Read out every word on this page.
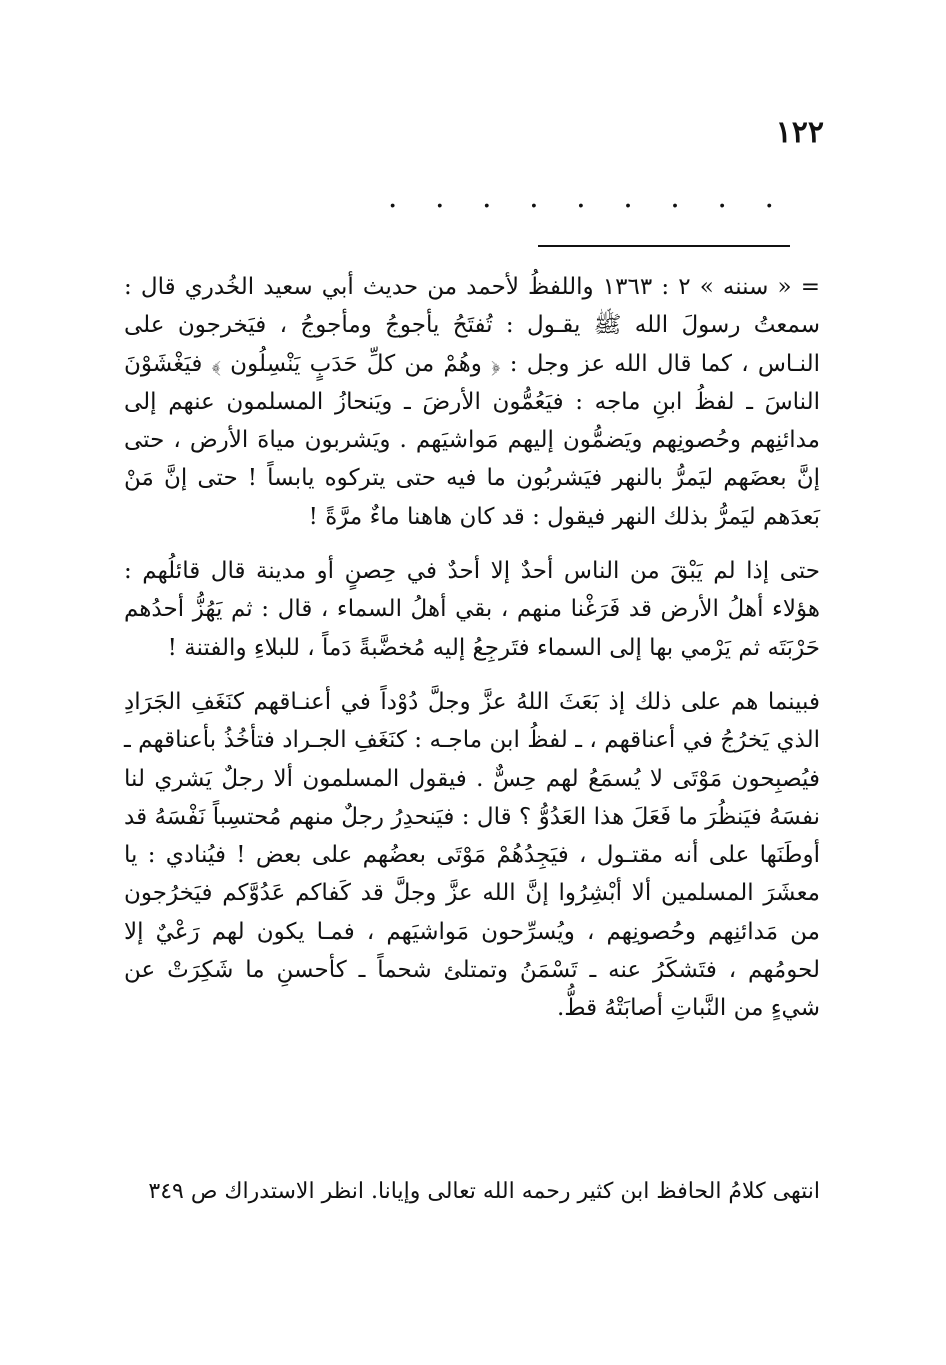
١٢٢
. . . . . . . . .

= « سننه » ٢ : ١٣٦٣ واللفظُ لأحمد من حديث أبي سعيد الخُدري قال : سمعتُ رسولَ الله ﷺ يقـول : تُفتَحُ يأجوجُ ومأجوجُ ، فيَخرجون على النـاس ، كما قال الله عز وجل : ﴿ وهُمْ من كلِّ حَدَبٍ يَنْسِلُون ﴾ فيَغْشَوْنَ الناسَ ـ لفظُ ابنِ ماجه : فيَعُمُّون الأرضَ ـ ويَنحازُ المسلمون عنهم إلى مدائنِهم وحُصونِهم ويَضمُّون إليهم مَواشيَهم . ويَشربون مياهَ الأرض ، حتى إنَّ بعضَهم ليَمرُّ بالنهر فيَشربُون ما فيه حتى يتركوه يابساً ! حتى إنَّ مَنْ بَعدَهم ليَمرُّ بذلك النهر فيقول : قد كان هاهنا ماءٌ مرَّةً !

حتى إذا لم يَبْقَ من الناس أحدٌ إلا أحدٌ في حِصنٍ أو مدينة قال قائلُهم : هؤلاء أهلُ الأرض قد فَرَغْنا منهم ، بقي أهلُ السماء ، قال : ثم يَهُزُّ أحدُهم حَرْبَتَه ثم يَرْمي بها إلى السماء فتَرجِعُ إليه مُخضَّبةً دَماً ، للبلاءِ والفتنة !

فبينما هم على ذلك إذ بَعَثَ اللهُ عزَّ وجلَّ دُوْداً في أعنـاقهم كنَغَفِ الجَرَادِ الذي يَخرُجُ في أعناقهم ، ـ لفظُ ابن ماجـه : كنَغَفِ الجـراد فتأخُذُ بأعناقهم ـ فيُصبِحون مَوْتَى لا يُسمَعُ لهم حِسٌّ . فيقول المسلمون ألا رجلٌ يَشري لنا نفسَهُ فيَنظُرَ ما فَعَلَ هذا العَدُوُّ ؟ قال : فيَنحدِرُ رجلٌ منهم مُحتسِباً نَفْسَهُ قد أوطَنَها على أنه مقتـول ، فيَجِدُهُمْ مَوْتَى بعضُهم على بعض ! فيُنادي : يا معشَرَ المسلمين ألا أبْشِرُوا إنَّ الله عزَّ وجلَّ قد كَفاكم عَدُوَّكم فيَخرُجون من مَدائنِهم وحُصونِهم ، ويُسرِّحون مَواشيَهم ، فمـا يكون لهم رَعْيٌ إلا لحومُهم ، فتَشكَرُ عنه ـ تَسْمَنُ وتمتلئ شحماً ـ كأحسنِ ما شَكِرَتْ عن شيءٍ من النَّباتِ أصابَتْهُ قطُّ.

انتهى كلامُ الحافظ ابن كثير رحمه الله تعالى وإيانا. انظر الاستدراك ص ٣٤٩
